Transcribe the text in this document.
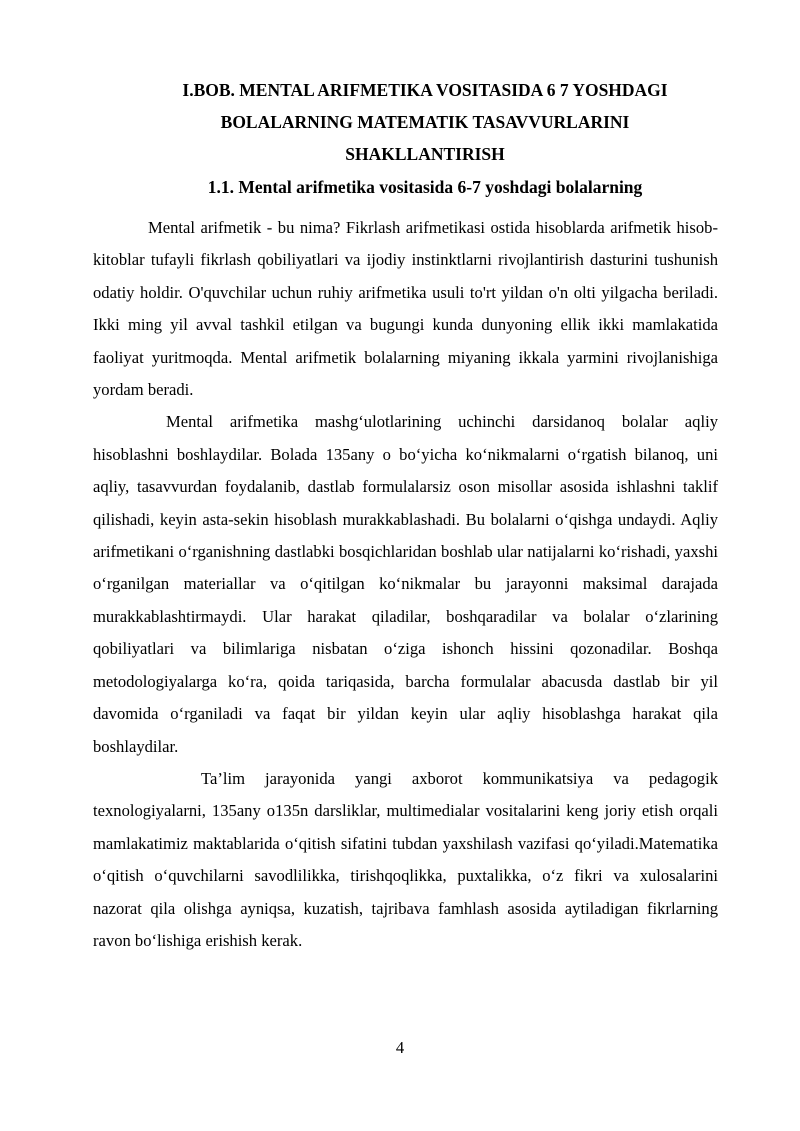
I.BOB. MENTAL ARIFMETIKA VOSITASIDA 6 7 YOSHDAGI
BOLALARNING MATEMATIK TASAVVURLARINI
SHAKLLANTIRISH
1.1. Mental arifmetika vositasida 6-7 yoshdagi bolalarning

Mental arifmetik - bu nima? Fikrlash arifmetikasi ostida hisoblarda arifmetik hisob-kitoblar tufayli fikrlash qobiliyatlari va ijodiy instinktlarni rivojlantirish dasturini tushunish odatiy holdir. O'quvchilar uchun ruhiy arifmetika usuli to'rt yildan o'n olti yilgacha beriladi. Ikki ming yil avval tashkil etilgan va bugungi kunda dunyoning ellik ikki mamlakatida faoliyat yuritmoqda. Mental arifmetik bolalarning miyaning ikkala yarmini rivojlanishiga yordam beradi.

Mental arifmetika mashg‘ulotlarining uchinchi darsidanoq bolalar aqliy hisoblashni boshlaydilar. Bolada 135any o bo‘yicha ko‘nikmalarni o‘rgatish bilanoq, uni aqliy, tasavvurdan foydalanib, dastlab formulalarsiz oson misollar asosida ishlashni taklif qilishadi, keyin asta-sekin hisoblash murakkablashadi. Bu bolalarni o‘qishga undaydi. Aqliy arifmetikani o‘rganishning dastlabki bosqichlaridan boshlab ular natijalarni ko‘rishadi, yaxshi o‘rganilgan materiallar va o‘qitilgan ko‘nikmalar bu jarayonni maksimal darajada murakkablashtirmaydi. Ular harakat qiladilar, boshqaradilar va bolalar o‘zlarining qobiliyatlari va bilimlariga nisbatan o‘ziga ishonch hissini qozonadilar. Boshqa metodologiyalarga ko‘ra, qoida tariqasida, barcha formulalar abacusda dastlab bir yil davomida o‘rganiladi va faqat bir yildan keyin ular aqliy hisoblashga harakat qila boshlaydilar.

Ta’lim jarayonida yangi axborot kommunikatsiya va pedagogik texnologiyalarni, 135any o135n darsliklar, multimedialar vositalarini keng joriy etish orqali mamlakatimiz maktablarida o‘qitish sifatini tubdan yaxshilash vazifasi qo‘yiladi.Matematika o‘qitish o‘quvchilarni savodlilikka, tirishqoqlikka, puxtalikka, o‘z fikri va xulosalarini nazorat qila olishga ayniqsa, kuzatish, tajribava famhlash asosida aytiladigan fikrlarning ravon bo‘lishiga erishish kerak.

4
